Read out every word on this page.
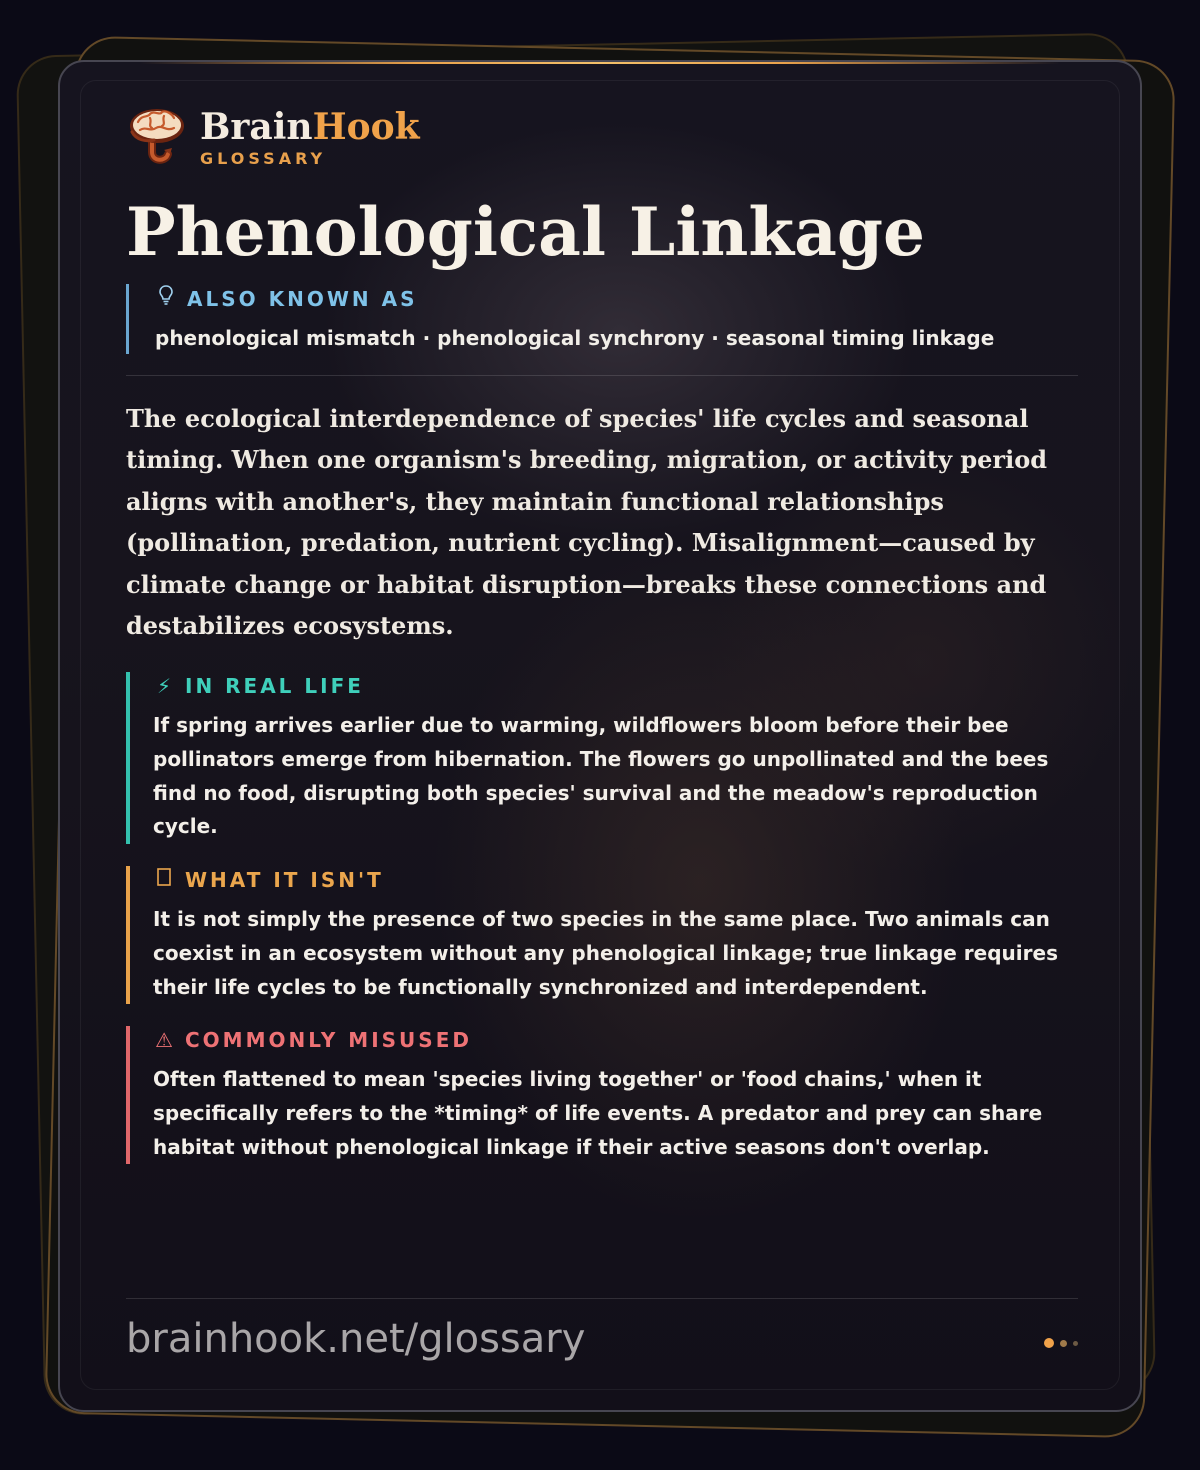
BrainHook
GLOSSARY
Phenological Linkage
ALSO KNOWN AS
phenological mismatch · phenological synchrony · seasonal timing linkage

The ecological interdependence of species' life cycles and seasonal timing. When one organism's breeding, migration, or activity period aligns with another's, they maintain functional relationships (pollination, predation, nutrient cycling). Misalignment—caused by climate change or habitat disruption—breaks these connections and destabilizes ecosystems.

⚡ IN REAL LIFE
If spring arrives earlier due to warming, wildflowers bloom before their bee pollinators emerge from hibernation. The flowers go unpollinated and the bees find no food, disrupting both species' survival and the meadow's reproduction cycle.
WHAT IT ISN'T
It is not simply the presence of two species in the same place. Two animals can coexist in an ecosystem without any phenological linkage; true linkage requires their life cycles to be functionally synchronized and interdependent.
⚠ COMMONLY MISUSED
Often flattened to mean 'species living together' or 'food chains,' when it specifically refers to the *timing* of life events. A predator and prey can share habitat without phenological linkage if their active seasons don't overlap.
brainhook.net/glossary
